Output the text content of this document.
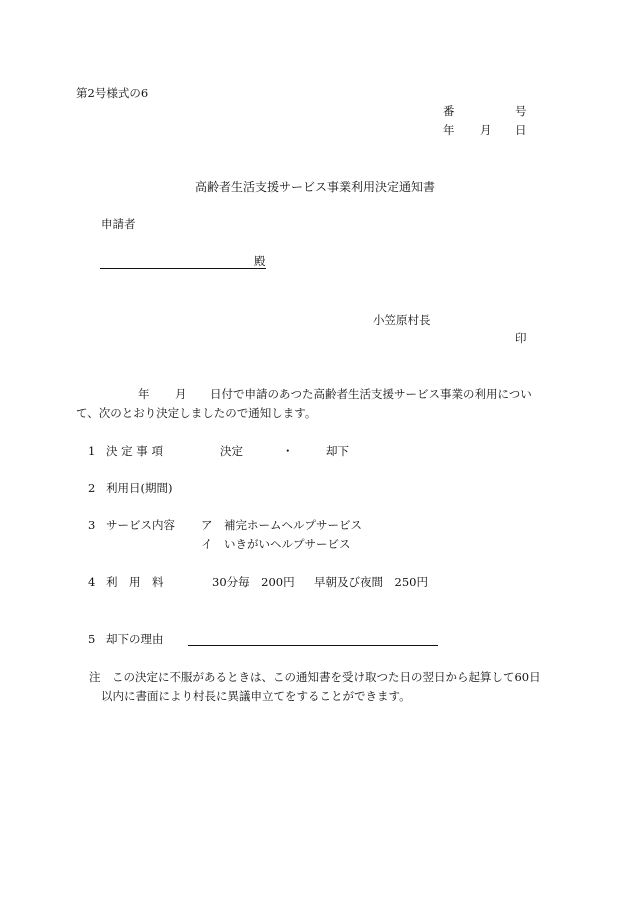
第2号様式の6
番	号
年 月 日
高齢者生活支援サービス事業利用決定通知書
申請者
殿
小笠原村長
印
年 月 日付で申請のあつた高齢者生活支援サービス事業の利用につい
て、次のとおり決定しましたので通知します。
1 決 定 事 項	決定	・	却下
2 利用日(期間)
3 サービス内容 ア　補完ホームヘルプサービス
イ　いきがいヘルプサービス
4 利　用　料	30分毎　200円 早朝及び夜間　250円
5 却下の理由
注　この決定に不服があるときは、この通知書を受け取つた日の翌日から起算して60日
以内に書面により村長に異議申立てをすることができます。
